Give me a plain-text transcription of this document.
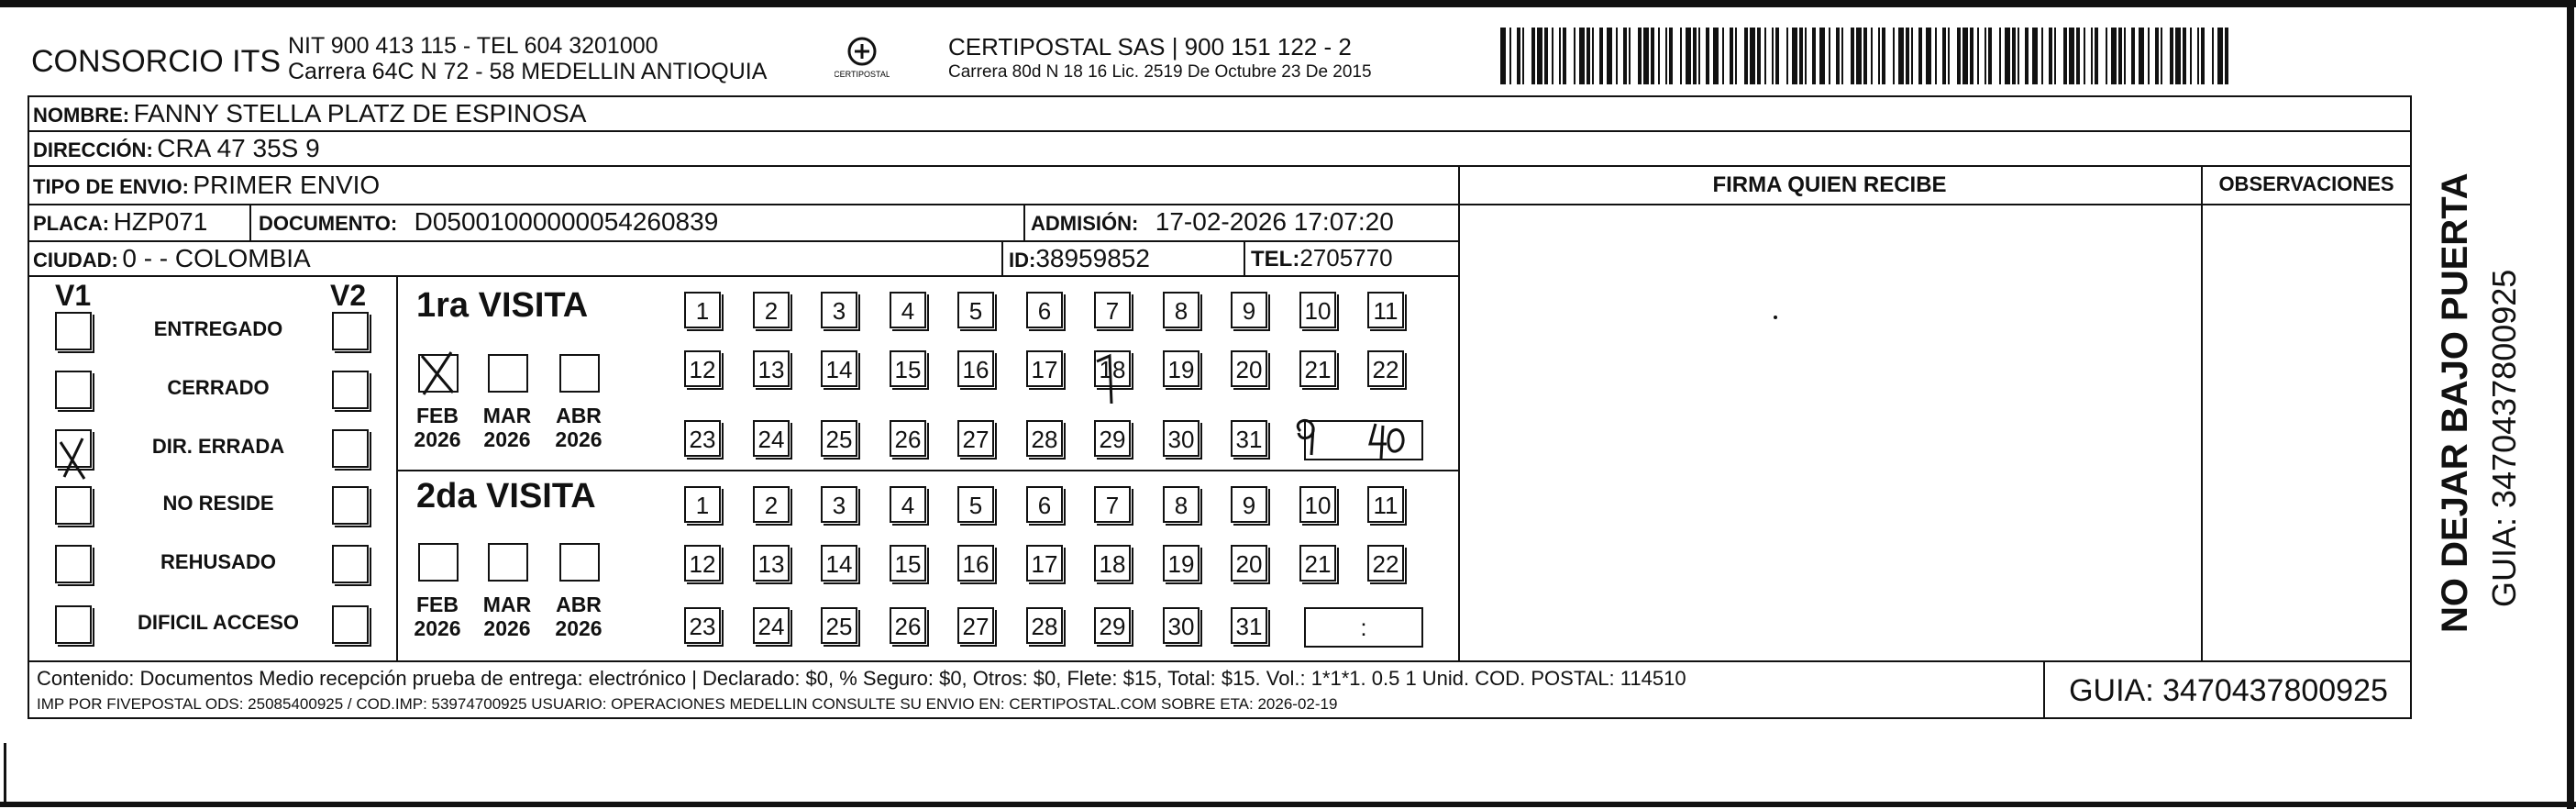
CONSORCIO ITS NIT 900 413 115 - TEL 604 3201000
Carrera 64C N 72 - 58 MEDELLIN ANTIOQUIA	CERTIPOSTAL
CERTIPOSTAL SAS | 900 151 122 - 2
Carrera 80d N 18 16 Lic. 2519 De Octubre 23 De 2015
NOMBRE: FANNY STELLA PLATZ DE ESPINOSA
DIRECCIÓN: CRA 47 35S 9
TIPO DE ENVIO: PRIMER ENVIO
PLACA: HZP071	DOCUMENTO: D05001000000054260839	ADMISIÓN: 17-02-2026 17:07:20
CIUDAD: 0 - - COLOMBIA	ID:38959852	TEL:2705770
FIRMA QUIEN RECIBE	OBSERVACIONES
V1	V2
ENTREGADO
CERRADO
DIR. ERRADA
NO RESIDE
REHUSADO
DIFICIL ACCESO
1ra VISITA
2da VISITA
FEB
2026
MAR
2026
ABR
2026
FEB
2026
MAR
2026
ABR
2026
1	2	3	4	5	6	7	8	9	10 11
12 13 14 15 16 17 18 19 20 21 22
23 24 25 26 27 28 29 30 31
1	2	3	4	5	6	7	8	9	10 11
12 13 14 15 16 17 18 19 20 21 22
23 24 25 26 27 28 29 30 31	:
Contenido: Documentos Medio recepción prueba de entrega: electrónico | Declarado: $0, % Seguro: $0, Otros: $0, Flete: $15, Total: $15. Vol.: 1*1*1. 0.5 1 Unid. COD. POSTAL: 114510
IMP POR FIVEPOSTAL ODS: 25085400925 / COD.IMP: 53974700925 USUARIO: OPERACIONES MEDELLIN CONSULTE SU ENVIO EN: CERTIPOSTAL.COM SOBRE ETA: 2026-02-19	GUIA: 3470437800925
NO DEJAR BAJO PUERTA GUIA: 3470437800925
